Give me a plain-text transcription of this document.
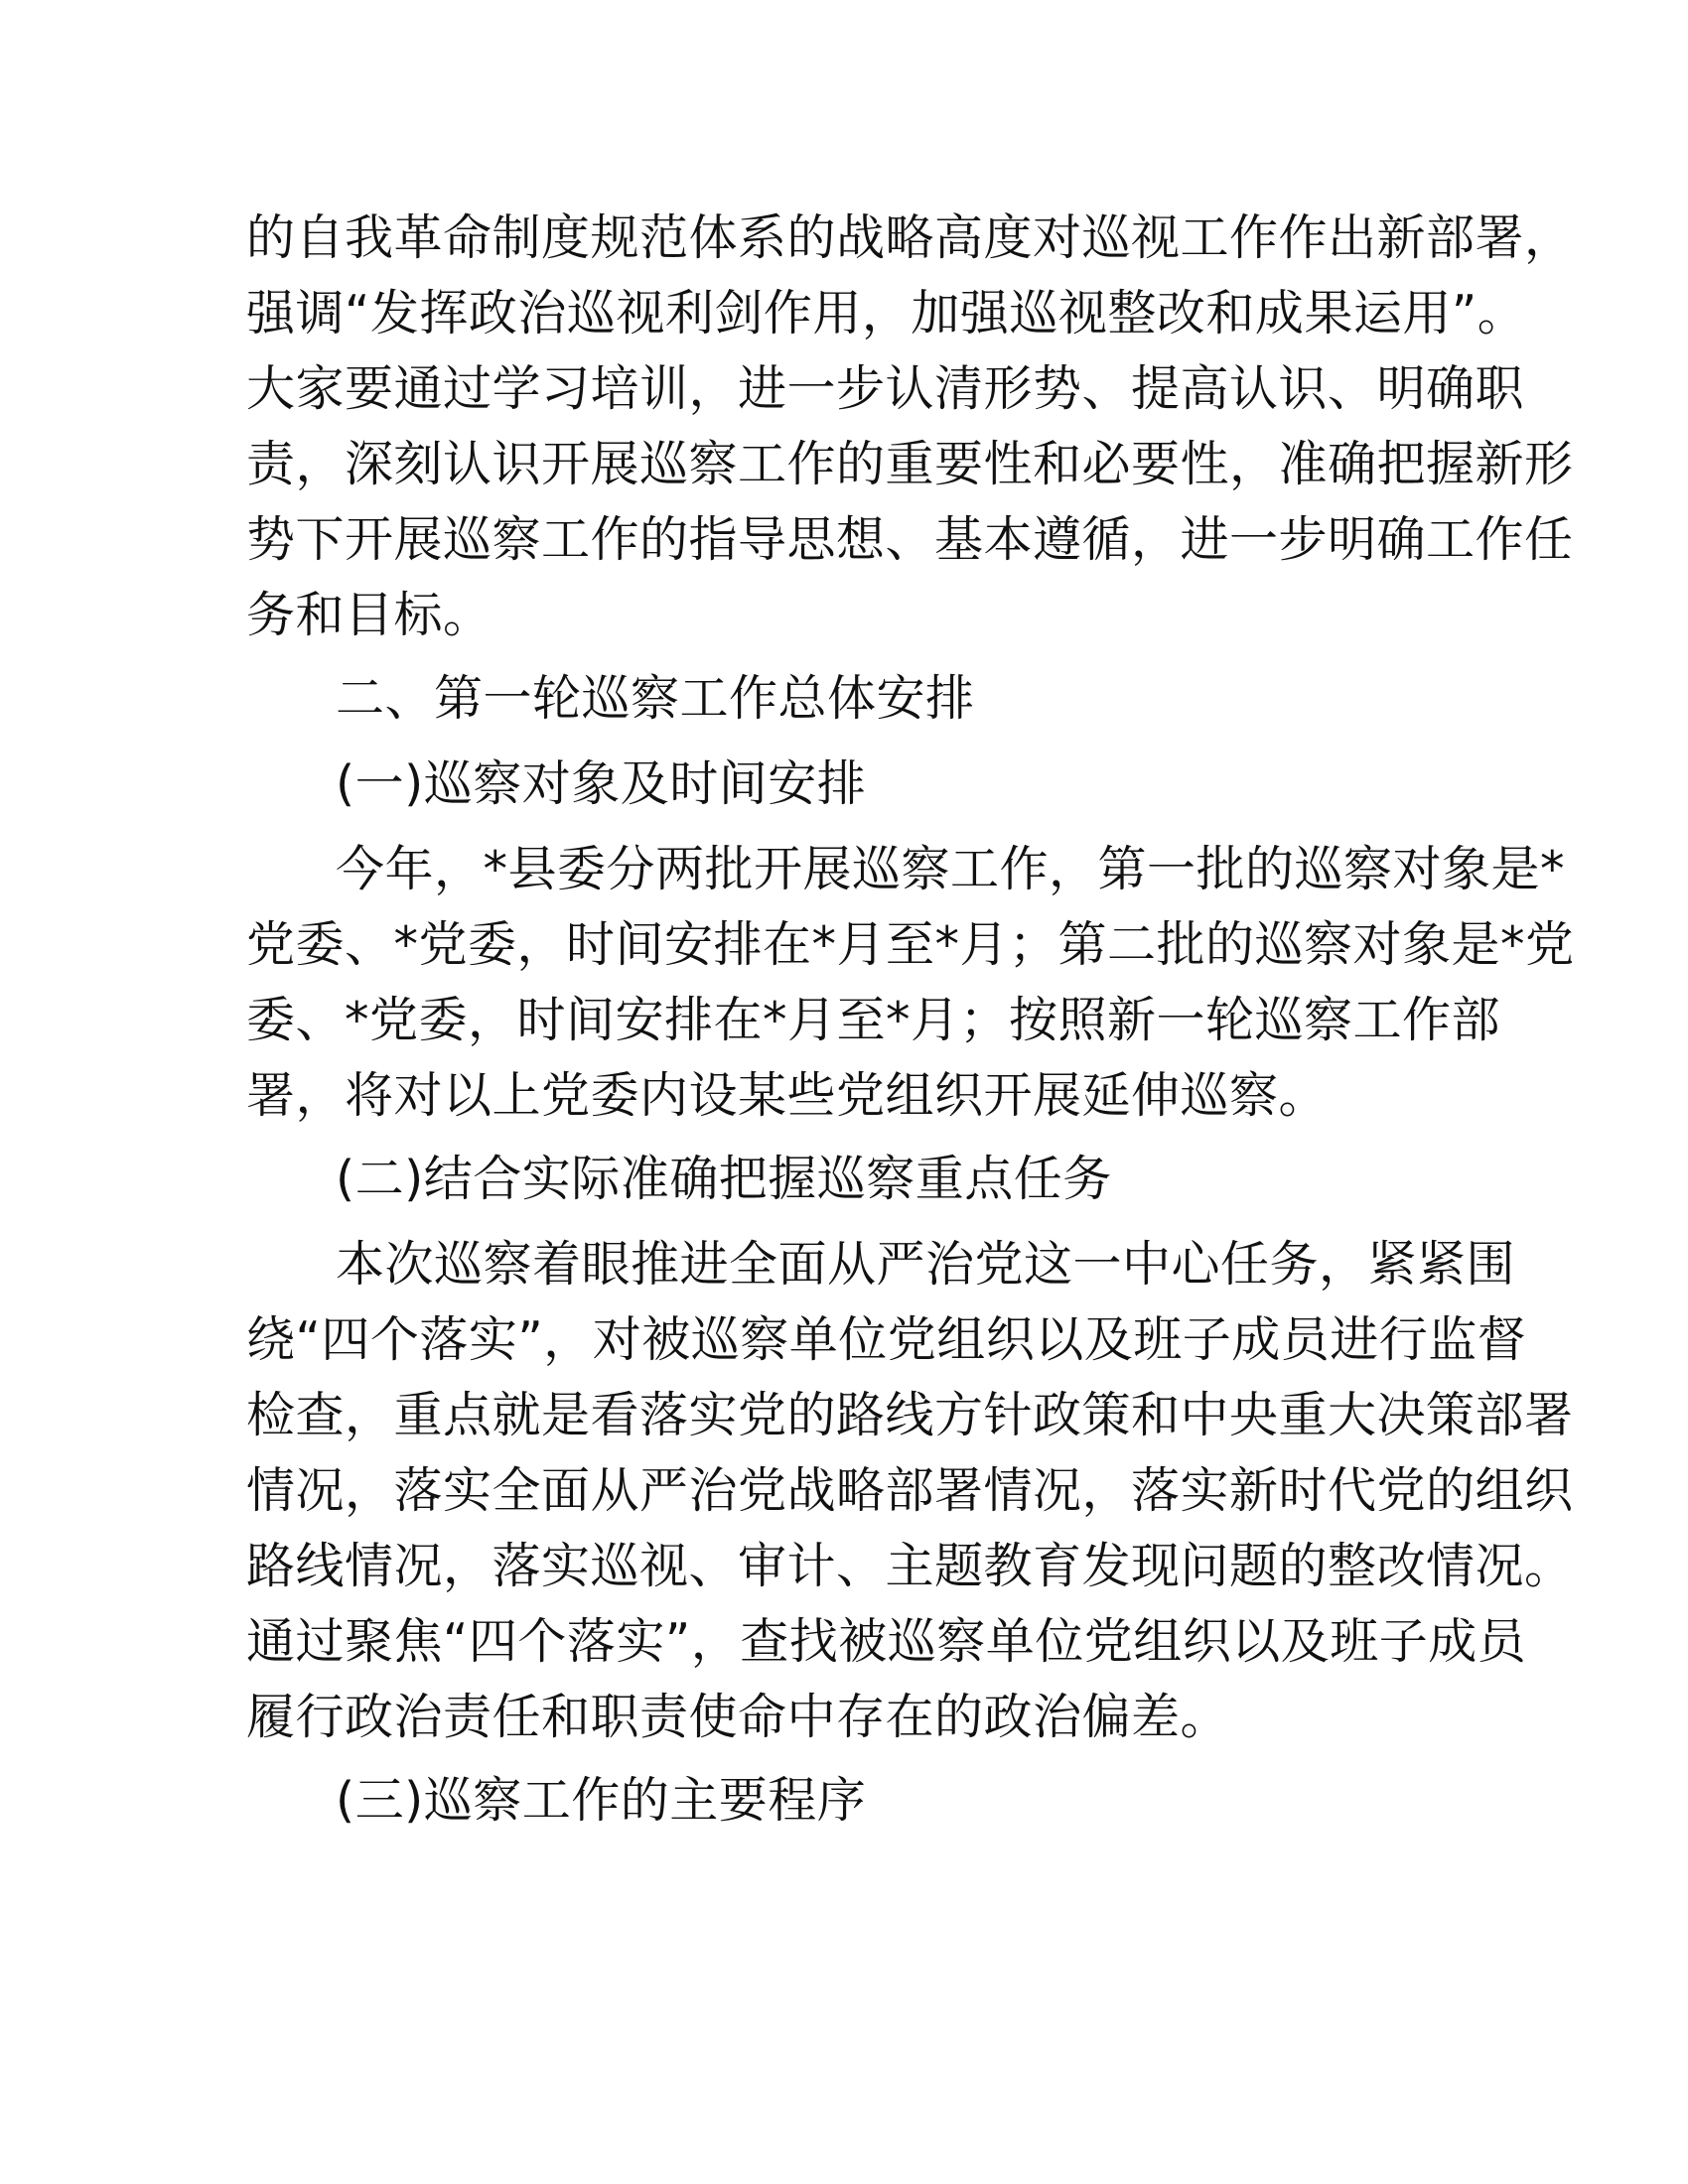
的自我革命制度规范体系的战略高度对巡视工作作出新部署，
强调“发挥政治巡视利剑作用，加强巡视整改和成果运用”。
大家要通过学习培训，进一步认清形势、提高认识、明确职
责，深刻认识开展巡察工作的重要性和必要性，准确把握新形
势下开展巡察工作的指导思想、基本遵循，进一步明确工作任
务和目标。
二、第一轮巡察工作总体安排
(一)巡察对象及时间安排
今年，*县委分两批开展巡察工作，第一批的巡察对象是*
党委、*党委，时间安排在*月至*月；第二批的巡察对象是*党
委、*党委，时间安排在*月至*月；按照新一轮巡察工作部
署，将对以上党委内设某些党组织开展延伸巡察。
(二)结合实际准确把握巡察重点任务
本次巡察着眼推进全面从严治党这一中心任务，紧紧围
绕“四个落实”，对被巡察单位党组织以及班子成员进行监督
检查，重点就是看落实党的路线方针政策和中央重大决策部署
情况，落实全面从严治党战略部署情况，落实新时代党的组织
路线情况，落实巡视、审计、主题教育发现问题的整改情况。
通过聚焦“四个落实”，查找被巡察单位党组织以及班子成员
履行政治责任和职责使命中存在的政治偏差。
(三)巡察工作的主要程序
